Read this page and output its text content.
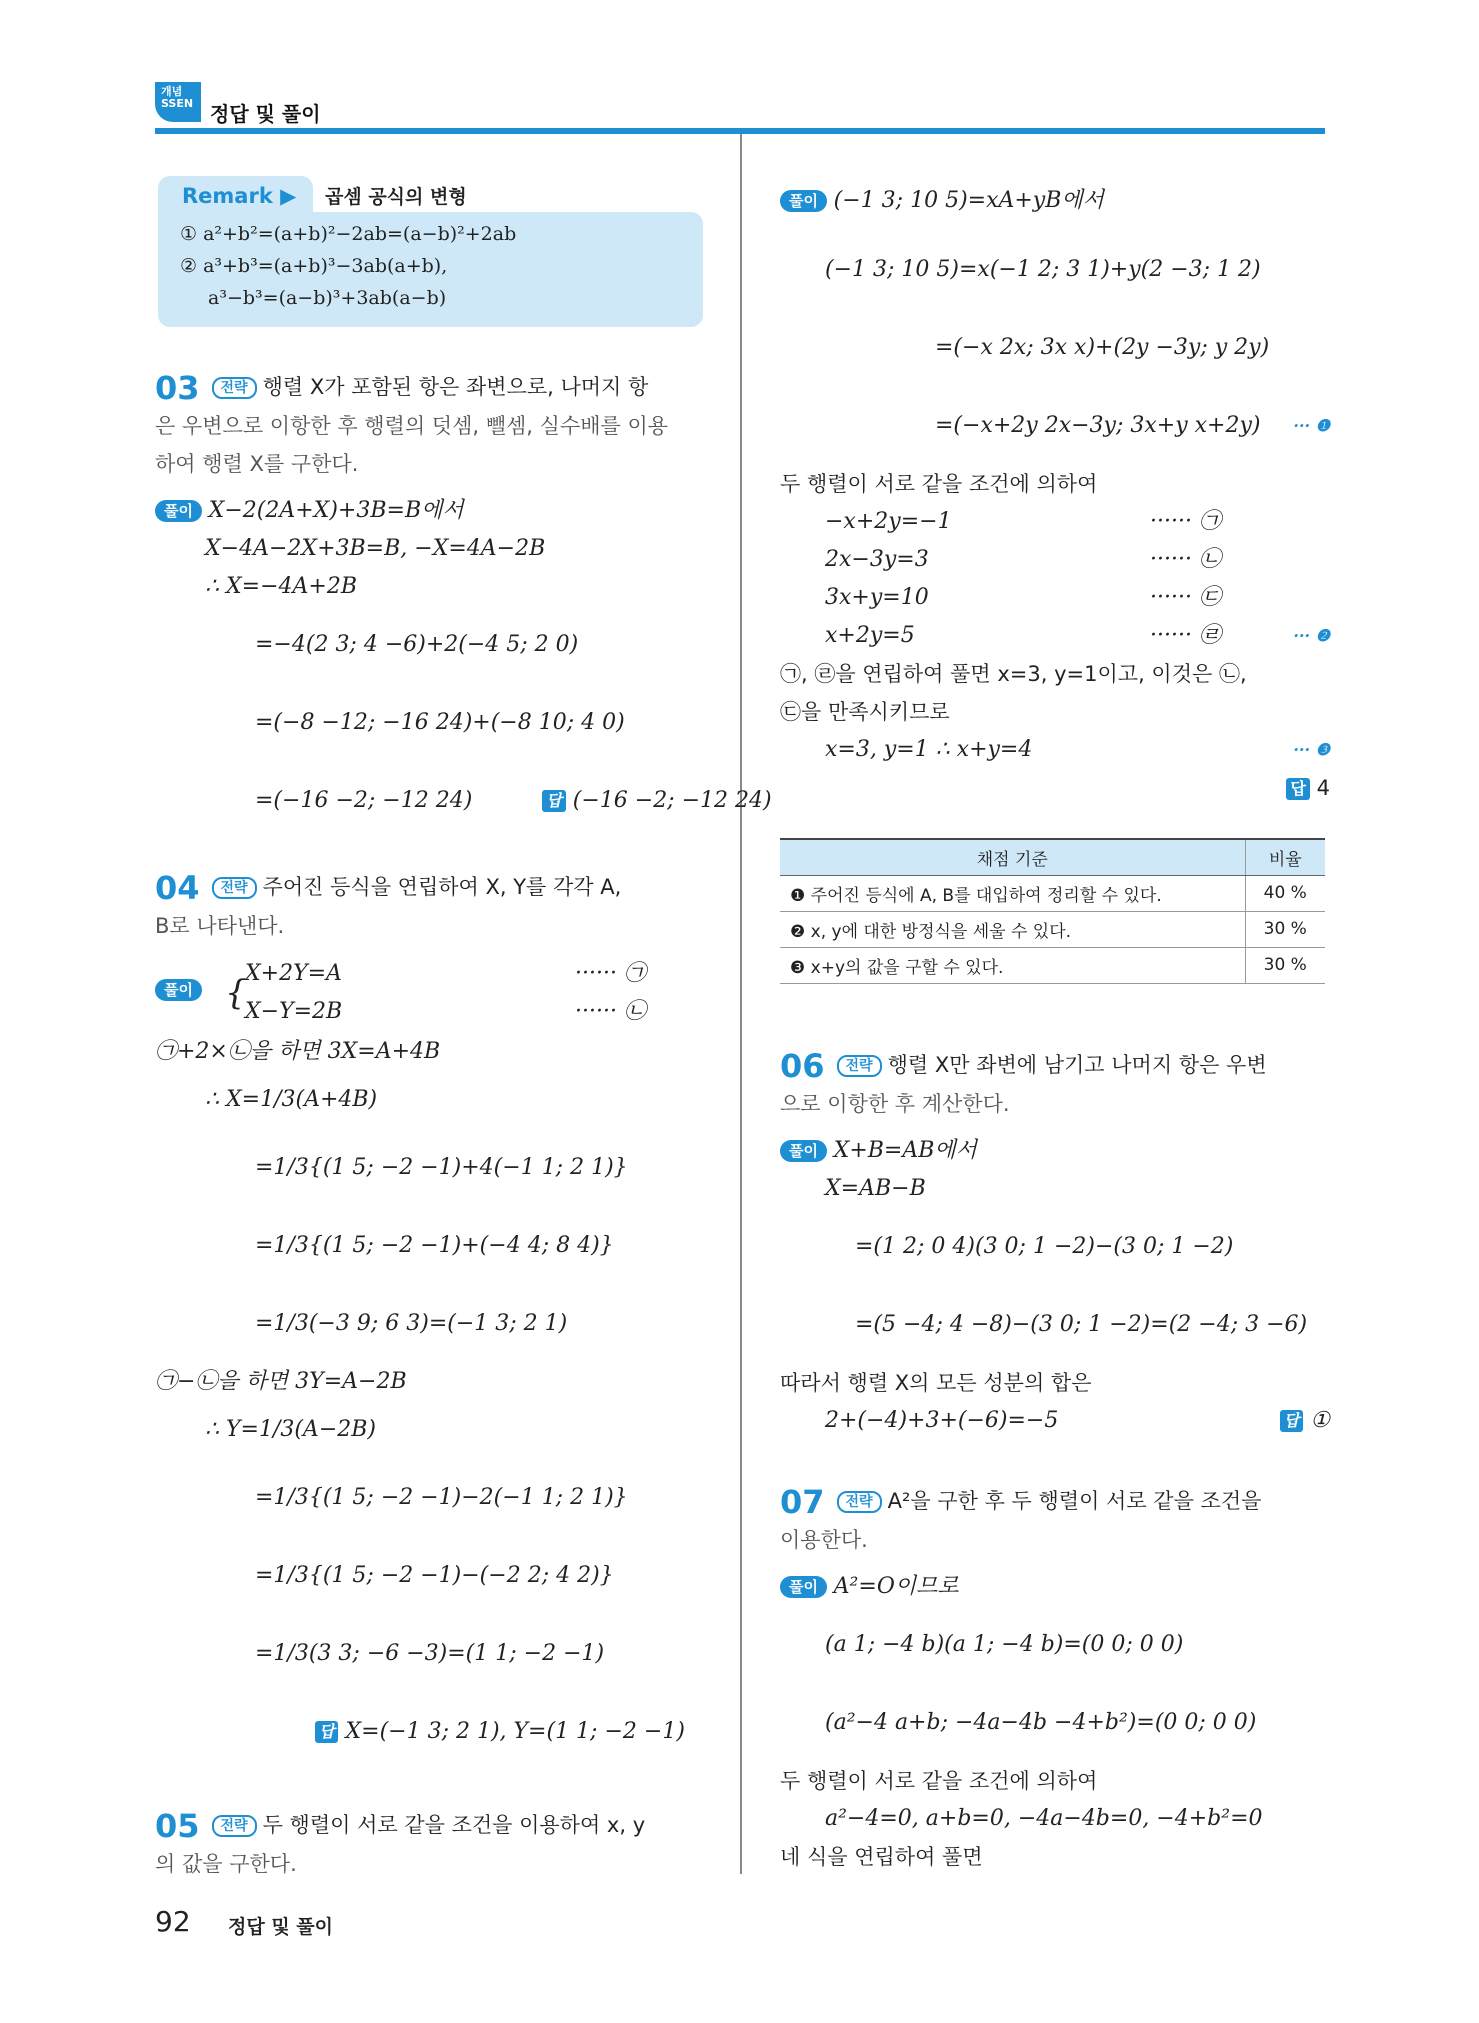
개념
SSEN 정답 및 풀이
Remark ▶	곱셈 공식의 변형
① a²+b²=(a+b)²−2ab=(a−b)²+2ab
② a³+b³=(a+b)³−3ab(a+b),
a³−b³=(a−b)³+3ab(a−b)
03 전략 행렬 X가 포함된 항은 좌변으로, 나머지 항
은 우변으로 이항한 후 행렬의 덧셈, 뺄셈, 실수배를 이용
하여 행렬 X를 구한다.
풀이 X−2(2A+X)+3B=B에서
X−4A−2X+3B=B, −X=4A−2B
∴ X=−4A+2B
=−4(2 3; 4 −6)+2(−4 5; 2 0)
=(−8 −12; −16 24)+(−8 10; 4 0)
=(−16 −2; −12 24)	답 (−16 −2; −12 24)
04 전략 주어진 등식을 연립하여 X, Y를 각각 A,
B로 나타낸다.
풀이 {
X+2Y=A	······ ㉠
X−Y=2B	······ ㉡
㉠+2×㉡을 하면 3X=A+4B
∴ X=1/3(A+4B)
=1/3{(1 5; −2 −1)+4(−1 1; 2 1)}
=1/3{(1 5; −2 −1)+(−4 4; 8 4)}
=1/3(−3 9; 6 3)=(−1 3; 2 1)
㉠−㉡을 하면 3Y=A−2B
∴ Y=1/3(A−2B)
=1/3{(1 5; −2 −1)−2(−1 1; 2 1)}
=1/3{(1 5; −2 −1)−(−2 2; 4 2)}
=1/3(3 3; −6 −3)=(1 1; −2 −1)
답 X=(−1 3; 2 1), Y=(1 1; −2 −1)
05 전략 두 행렬이 서로 같을 조건을 이용하여 x, y
의 값을 구한다.
풀이 (−1 3; 10 5)=xA+yB에서
(−1 3; 10 5)=x(−1 2; 3 1)+y(2 −3; 1 2)
=(−x 2x; 3x x)+(2y −3y; y 2y)
=(−x+2y 2x−3y; 3x+y x+2y) ··· ❶
두 행렬이 서로 같을 조건에 의하여
−x+2y=−1	······ ㉠
2x−3y=3	······ ㉡
3x+y=10	······ ㉢
x+2y=5	······ ㉣	··· ❷
㉠, ㉣을 연립하여 풀면 x=3, y=1이고, 이것은 ㉡,
㉢을 만족시키므로
x=3, y=1 ∴ x+y=4	··· ❸
답 4
채점 기준	비율
❶ 주어진 등식에 A, B를 대입하여 정리할 수 있다.	40 %
❷ x, y에 대한 방정식을 세울 수 있다.	30 %
❸ x+y의 값을 구할 수 있다.	30 %
06 전략 행렬 X만 좌변에 남기고 나머지 항은 우변
으로 이항한 후 계산한다.
풀이 X+B=AB에서
X=AB−B
=(1 2; 0 4)(3 0; 1 −2)−(3 0; 1 −2)
=(5 −4; 4 −8)−(3 0; 1 −2)=(2 −4; 3 −6)
따라서 행렬 X의 모든 성분의 합은
2+(−4)+3+(−6)=−5	답 ①
07 전략 A²을 구한 후 두 행렬이 서로 같을 조건을
이용한다.
풀이 A²=O이므로
(a 1; −4 b)(a 1; −4 b)=(0 0; 0 0)
(a²−4 a+b; −4a−4b −4+b²)=(0 0; 0 0)
두 행렬이 서로 같을 조건에 의하여
a²−4=0, a+b=0, −4a−4b=0, −4+b²=0
네 식을 연립하여 풀면
92 정답 및 풀이
